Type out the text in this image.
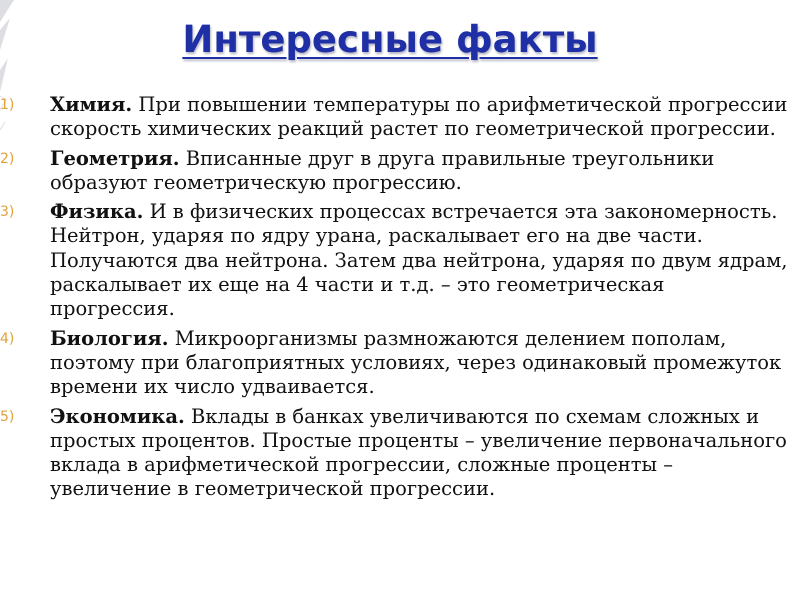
Интересные факты
1)	Химия. При повышении температуры по арифметической прогрессии скорость химических реакций растет по геометрической прогрессии.
2)	Геометрия. Вписанные друг в друга правильные треугольники образуют геометрическую прогрессию.
3)	Физика. И в физических процессах встречается эта закономерность. Нейтрон, ударяя по ядру урана, раскалывает его на две части. Получаются два нейтрона. Затем два нейтрона, ударяя по двум ядрам, раскалывает их еще на 4 части и т.д. – это геометрическая прогрессия.
4)	Биология. Микроорганизмы размножаются делением пополам, поэтому при благоприятных условиях, через одинаковый промежуток времени их число удваивается.
5)	Экономика. Вклады в банках увеличиваются по схемам сложных и простых процентов. Простые проценты – увеличение первоначального вклада в арифметической прогрессии, сложные проценты – увеличение в геометрической прогрессии.
